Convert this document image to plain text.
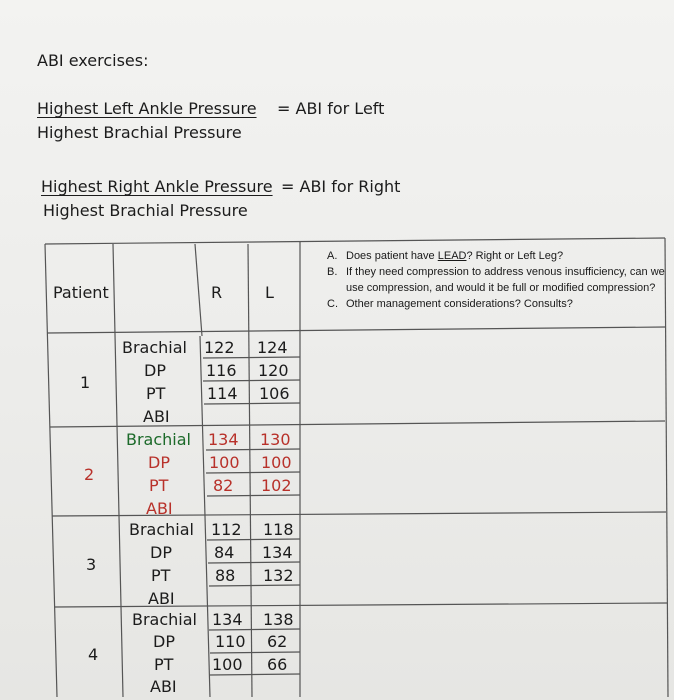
ABI exercises:
Highest Left Ankle Pressure = ABI for Left
Highest Brachial Pressure
Highest Right Ankle Pressure = ABI for Right
Highest Brachial Pressure
Patient	R	L
1
Brachial 122 124
DP	116 120
PT	114 106
ABI
2
Brachial 134 130
DP 100 100
PT	82 102
ABI
3
Brachial 112 118
DP	84 134
PT	88 132
ABI
4
Brachial 134 138
DP	110 62
PT 100 66
ABI
A. Does patient have LEAD? Right or Left Leg?
B. If they need compression to address venous insufficiency, can we use compression, and would it be full or modified compression?
C. Other management considerations? Consults?
